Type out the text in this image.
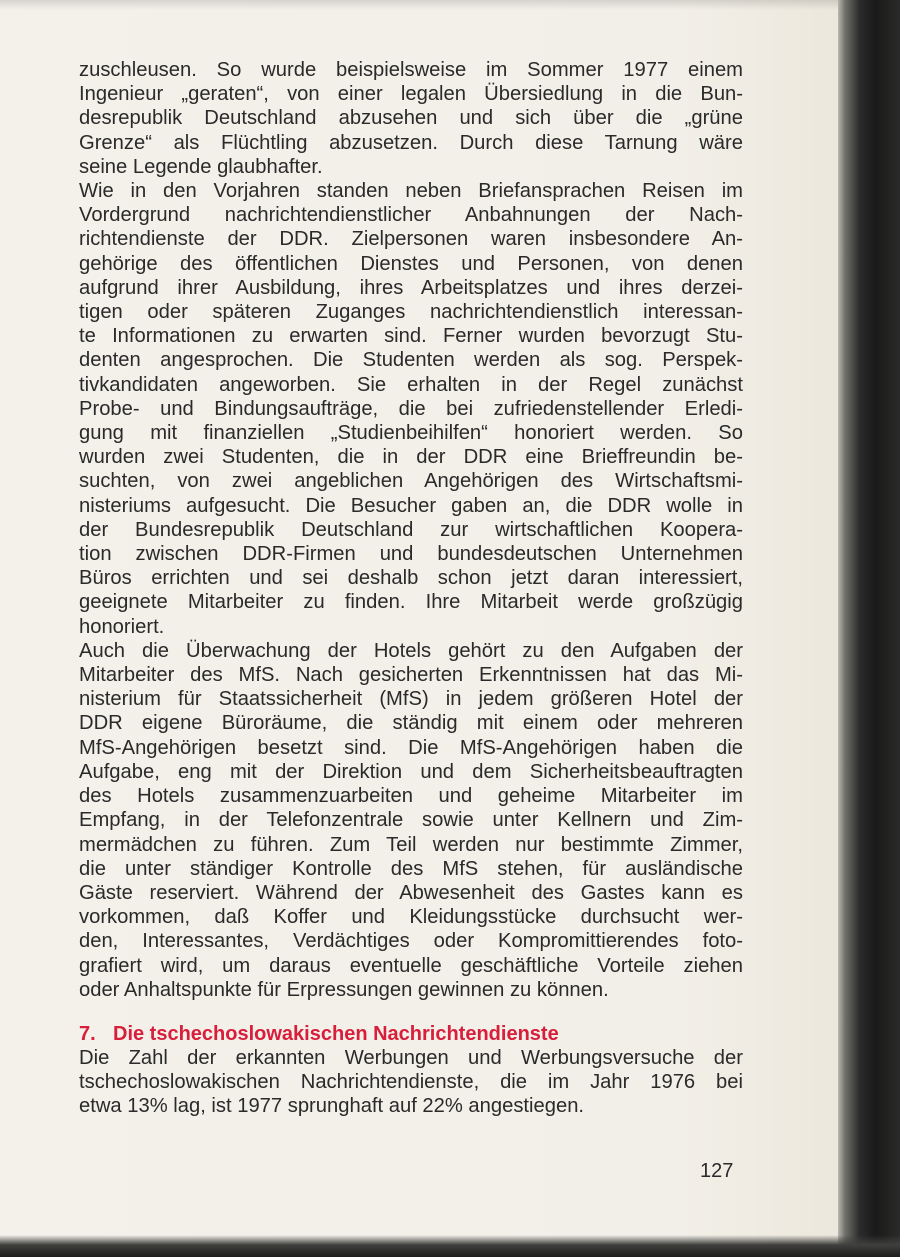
zuschleusen. So wurde beispielsweise im Sommer 1977 einem
Ingenieur „geraten“, von einer legalen Übersiedlung in die Bun-
desrepublik Deutschland abzusehen und sich über die „grüne
Grenze“ als Flüchtling abzusetzen. Durch diese Tarnung wäre
seine Legende glaubhafter.
Wie in den Vorjahren standen neben Briefansprachen Reisen im
Vordergrund nachrichtendienstlicher Anbahnungen der Nach-
richtendienste der DDR. Zielpersonen waren insbesondere An-
gehörige des öffentlichen Dienstes und Personen, von denen
aufgrund ihrer Ausbildung, ihres Arbeitsplatzes und ihres derzei-
tigen oder späteren Zuganges nachrichtendienstlich interessan-
te Informationen zu erwarten sind. Ferner wurden bevorzugt Stu-
denten angesprochen. Die Studenten werden als sog. Perspek-
tivkandidaten angeworben. Sie erhalten in der Regel zunächst
Probe- und Bindungsaufträge, die bei zufriedenstellender Erledi-
gung mit finanziellen „Studienbeihilfen“ honoriert werden. So
wurden zwei Studenten, die in der DDR eine Brieffreundin be-
suchten, von zwei angeblichen Angehörigen des Wirtschaftsmi-
nisteriums aufgesucht. Die Besucher gaben an, die DDR wolle in
der Bundesrepublik Deutschland zur wirtschaftlichen Koopera-
tion zwischen DDR-Firmen und bundesdeutschen Unternehmen
Büros errichten und sei deshalb schon jetzt daran interessiert,
geeignete Mitarbeiter zu finden. Ihre Mitarbeit werde großzügig
honoriert.
Auch die Überwachung der Hotels gehört zu den Aufgaben der
Mitarbeiter des MfS. Nach gesicherten Erkenntnissen hat das Mi-
nisterium für Staatssicherheit (MfS) in jedem größeren Hotel der
DDR eigene Büroräume, die ständig mit einem oder mehreren
MfS-Angehörigen besetzt sind. Die MfS-Angehörigen haben die
Aufgabe, eng mit der Direktion und dem Sicherheitsbeauftragten
des Hotels zusammenzuarbeiten und geheime Mitarbeiter im
Empfang, in der Telefonzentrale sowie unter Kellnern und Zim-
mermädchen zu führen. Zum Teil werden nur bestimmte Zimmer,
die unter ständiger Kontrolle des MfS stehen, für ausländische
Gäste reserviert. Während der Abwesenheit des Gastes kann es
vorkommen, daß Koffer und Kleidungsstücke durchsucht wer-
den, Interessantes, Verdächtiges oder Kompromittierendes foto-
grafiert wird, um daraus eventuelle geschäftliche Vorteile ziehen
oder Anhaltspunkte für Erpressungen gewinnen zu können.
7. Die tschechoslowakischen Nachrichtendienste
Die Zahl der erkannten Werbungen und Werbungsversuche der
tschechoslowakischen Nachrichtendienste, die im Jahr 1976 bei
etwa 13% lag, ist 1977 sprunghaft auf 22% angestiegen.
127
